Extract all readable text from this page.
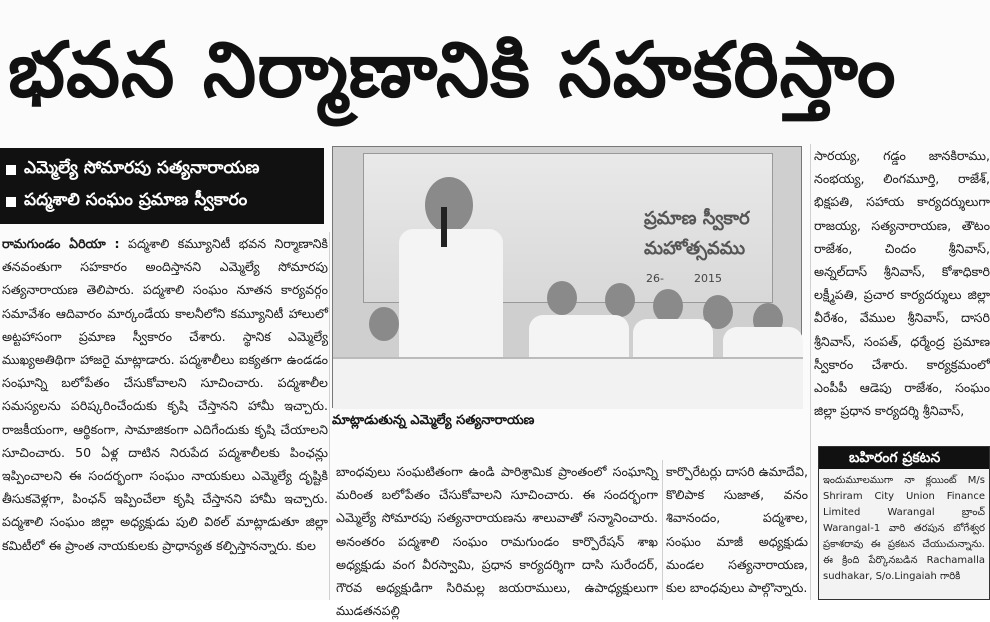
భవన నిర్మాణానికి సహకరిస్తాం
ఎమ్మెల్యే సోమారపు సత్యనారాయణ
పద్మశాలి సంఘం ప్రమాణ స్వీకారం
రామగుండం ఏరియా : పద్మశాలి కమ్యూనిటీ భవన నిర్మాణానికి తనవంతుగా సహకారం అందిస్తానని ఎమ్మెల్యే సోమారపు సత్యనారాయణ తెలిపారు. పద్మశాలి సంఘం నూతన కార్యవర్గం సమావేశం ఆదివారం మార్కండేయ కాలనీలోని కమ్యూనిటీ హాలులో అట్టహాసంగా ప్రమాణ స్వీకారం చేశారు. స్థానిక ఎమ్మెల్యే ముఖ్యఅతిథిగా హాజరై మాట్లాడారు. పద్మశాలీలు ఐక్యతగా ఉండడం సంఘాన్ని బలోపేతం చేసుకోవాలని సూచించారు. పద్మశాలీల సమస్యలను పరిష్కరించేందుకు కృషి చేస్తానని హామీ ఇచ్చారు. రాజకీయంగా, ఆర్థికంగా, సామాజికంగా ఎదిగేందుకు కృషి చేయాలని సూచించారు. 50 ఏళ్ల దాటిన నిరుపేద పద్మశాలీలకు పింఛన్లు ఇప్పించాలని ఈ సందర్భంగా సంఘం నాయకులు ఎమ్మెల్యే దృష్టికి తీసుకవెళ్లగా, పింఛన్ ఇప్పించేలా కృషి చేస్తానని హామీ ఇచ్చారు. పద్మశాలి సంఘం జిల్లా అధ్యక్షుడు పులి విఠల్ మాట్లాడుతూ జిల్లా కమిటీలో ఈ ప్రాంత నాయకులకు ప్రాధాన్యత కల్పిస్తానన్నారు. కుల
ప్రమాణ స్వీకార మహోత్సవము
26-	2015
మాట్లాడుతున్న ఎమ్మెల్యే సత్యనారాయణ
బాంధవులు సంఘటితంగా ఉండి పారిశ్రామిక ప్రాంతంలో సంఘాన్ని మరింత బలోపేతం చేసుకోవాలని సూచించారు. ఈ సందర్భంగా ఎమ్మెల్యే సోమారపు సత్యనారాయణను శాలువాతో సన్మానించారు. అనంతరం పద్మశాలి సంఘం రామగుండం కార్పొరేషన్ శాఖ అధ్యక్షుడు వంగ వీరస్వామి, ప్రధాన కార్యదర్శిగా దాసి సురేందర్, గౌరవ అధ్యక్షుడిగా సిరిమల్ల జయరాములు, ఉపాధ్యక్షులుగా ముడతనపల్లి
కార్పొరేటర్లు దాసరి ఉమాదేవి, కొలిపాక సుజాత, వనం శివానందం, పద్మశాల, సంఘం మాజీ అధ్యక్షుడు మండల సత్యనారాయణ, కుల బాంధవులు పాల్గొన్నారు.
సారయ్య, గడ్డం జానకిరాము, నంభయ్య, లింగమూర్తి, రాజేశ్, భిక్షపతి, సహాయ కార్యదర్శులుగా రాజయ్య, సత్యనారాయణ, తౌటం రాజేశం, చిందం శ్రీనివాస్, అన్నల్‌దాస్ శ్రీనివాస్, కోశాధికారి లక్ష్మీపతి, ప్రచార కార్యదర్శులు జిల్లా వీరేశం, వేముల శ్రీనివాస్, దాసరి శ్రీనివాస్, సంపత్, ధర్మేంద్ర ప్రమాణ స్వీకారం చేశారు. కార్యక్రమంలో ఎంపీపీ ఆడెపు రాజేశం, సంఘం జిల్లా ప్రధాన కార్యదర్శి శ్రీనివాస్,
బహిరంగ ప్రకటన
ఇందుమూలముగా నా క్లయింట్ M/s Shriram City Union Finance Limited Warangal బ్రాంచ్ Warangal-1 వారి తరపున బోగేశ్వర ప్రకాశరావు ఈ ప్రకటన చేయుచున్నాను. ఈ క్రింది పేర్కొనబడిన Rachamalla sudhakar, S/o.Lingaiah గారికి
